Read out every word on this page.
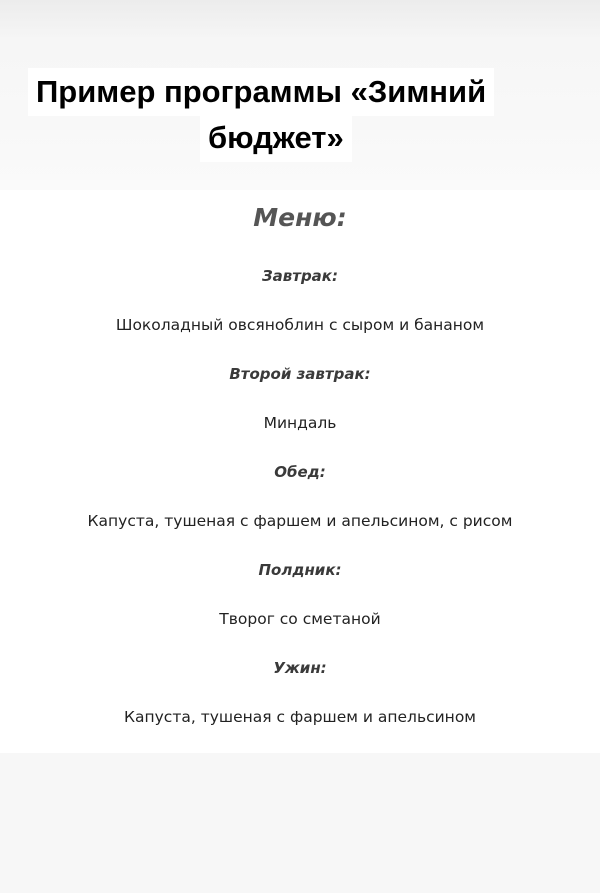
Пример программы «Зимний
бюджет»
Меню:
Завтрак:
Шоколадный овсяноблин с сыром и бананом
Второй завтрак:
Миндаль
Обед:
Капуста, тушеная с фаршем и апельсином, с рисом
Полдник:
Творог со сметаной
Ужин:
Капуста, тушеная с фаршем и апельсином
